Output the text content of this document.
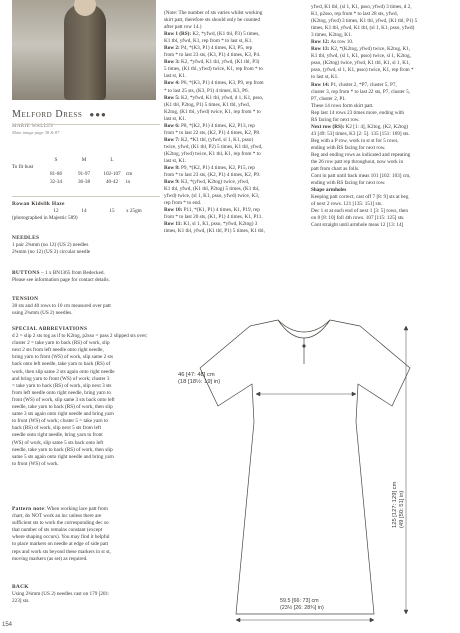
Melford Dress ●●●
MARIE WALLIN
Main image page 38 & 87
S	M	L
To fit bust
81-86	91-97	102-107	cm
32-34	36-38	40-42	in

Rowan Kidsilk Haze

12	14	15	x 25gm

(photographed in Majestic 589)

NEEDLES

1 pair 2¾mm (no 12) (US 2) needles

2¾mm (no 12) (US 2) circular needle

BUTTONS – 1 x BN1365 from Bedecked.

Please see information page for contact details.

TENSION

30 sts and 40 rows to 10 cm measured over patt

using 2¾mm (US 2) needles.

SPECIAL ABBREVIATIONS

d 2 = slip 2 sts tog as if to K2tog, p2sso = pass 2 slipped sts over;

cluster 2 = take yarn to back (RS) of work, slip

next 2 sts from left needle onto right needle,

bring yarn to front (WS) of work, slip same 2 sts

back onto left needle, take yarn to back (RS) of

work, then slip same 2 sts again onto right needle

and bring yarn to front (WS) of work; cluster 3

= take yarn to back (RS) of work, slip next 3 sts

from left needle onto right needle, bring yarn to

front (WS) of work, slip same 3 sts back onto left

needle, take yarn to back (RS) of work, then slip

same 3 sts again onto right needle and bring yarn

to front (WS) of work; cluster 5 = take yarn to

back (RS) of work, slip next 5 sts from left

needle onto right needle, bring yarn to front

(WS) of work, slip same 5 sts back onto left

needle, take yarn to back (RS) of work, then slip

same 5 sts again onto right needle and bring yarn

to front (WS) of work.

Pattern note: When working lace patt from

chart, do NOT work an inc unless there are

sufficient sts to work the corresponding dec so

that number of sts remains constant (except

where shaping occurs). You may find it helpful

to place markers on needle at edge of side patt

reps and work sts beyond these markers in st st,

moving markers (as set) as required.

BACK

Using 2¾mm (US 2) needles cast on 179 [201:

223] sts.

(Note: The number of sts varies whilst working

skirt patt, therefore sts should only be counted

after patt row 14.)

Row 1 (RS): K2, *yfwd, (K1 tbl, P3) 5 times,

K1 tbl, yfwd, K1, rep from * to last st, K1.

Row 2: P4, *(K3, P1) 4 times, K3, P5, rep

from * to last 23 sts, (K3, P1) 4 times, K3, P4.

Row 3: K2, *yfwd, K1 tbl, yfwd, (K1 tbl, P3)

5 times, (K1 tbl, yfwd) twice, K1, rep from * to

last st, K1.

Row 4: P6, *(K3, P1) 4 times, K3, P9, rep from

* to last 25 sts, (K3, P1) 4 times, K3, P6.

Row 5: K2, *yfwd, K1 tbl, yfwd, d 1, K1, psso,

(K1 tbl, P2tog, P1) 5 times, K1 tbl, yfwd,

K2tog, (K1 tbl, yfwd) twice, K1, rep from * to

last st, K1.

Row 6: P8, *(K2, P1) 4 times, K2, P13, rep

from * to last 22 sts, (K2, P1) 4 times, K2, P8.

Row 7: K2, *K1 tbl, (yfwd, sl 1, K1, psso)

twice, yfwd, (K1 tbl, P2) 5 times, K1 tbl, yfwd,

(K2tog, yfwd) twice, K1 tbl, K1, rep from * to

last st, K1.

Row 8: P9, *(K2, P1) 4 times, K2, P15, rep

from * to last 23 sts, (K2, P1) 4 times, K2, P9.

Row 9: K3, *(yfwd, K2tog) twice, yfwd,

K1 tbl, yfwd, (K1 tbl, P2tog) 5 times, (K1 tbl,

yfwd) twice, (sl 1, K1, psso, yfwd) twice, K3,

rep from * to end.

Row 10: P11, *(K1, P1) 4 times, K1, P19, rep

from * to last 20 sts, (K1, P1) 4 times, K1, P11.

Row 11: K1, sl 1, K1, psso, *yfwd, K2tog) 3

times, K1 tbl, yfwd, (K1 tbl, P1) 5 times, K1 tbl,

yfwd, K1 tbl, (sl 1, K1, psso, yfwd) 3 times, d 2,

K1, p2sso, rep from * to last 28 sts, yfwd,

(K2tog, yfwd) 3 times, K1 tbl, yfwd, (K1 tbl, P1) 5

times, K1 tbl, yfwd, K1 tbl, (sl 1, K1, psso, yfwd)

3 times, K2tog, K1.

Row 12: As row 10.

Row 13: K2, *(K2tog, yfwd) twice, K2tog, K1,

K1 tbl, yfwd, (sl 1, K1, psso) twice, sl 1, K2tog,

psso, (K2tog) twice, yfwd, K1 tbl, K1, sl 1, K1,

psso, (yfwd, sl 1, K1, psso) twice, K1, rep from *

to last st, K1.

Row 14: P1, cluster 2, *P7, cluster 5, P7,

cluster 3, rep from * to last 22 sts, P7, cluster 5,

P7, cluster 2, P1.

These 14 rows form skirt patt.

Rep last 14 rows 23 times more, ending with

RS facing for next row.

Next row (RS): K2 [1: 4], K2tog, (K2, K2tog)

43 [49: 53] times, K3 [2: 5]. 135 [151: 169] sts.

Beg with a P row, work in st st for 5 rows,

ending with RS facing for next row.

Beg and ending rows as indicated and repeating

the 26 row patt rep throughout, now work in

patt from chart as folls.

Cont in patt until back meas 101 [102: 103] cm,

ending with RS facing for next row.

Shape armholes

Keeping patt correct, cast off 7 [8: 9] sts at beg

of next 2 rows. 121 [135: 151] sts.

Dec 1 st at each end of next 1 [3: 5] rows, then

on 8 [8: 10] foll 4th rows. 107 [115: 125] sts.

Cont straight until armhole meas 12 [13: 14]

46 [47: 48] cm
(18 [18½: 19] in)
125 [127: 129] cm (49 [50: 51] in)
59.5 [66: 73] cm
(23½ [26: 28¾] in)
154
